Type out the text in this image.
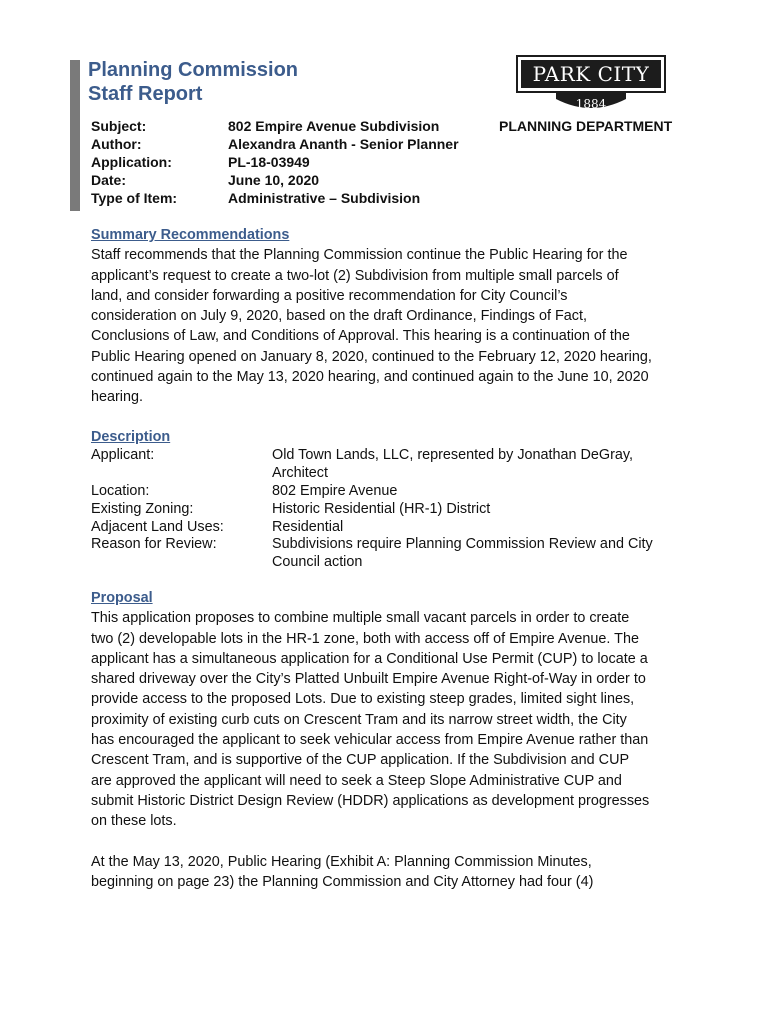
Planning Commission
Staff Report
PARK CITY
1884
PLANNING DEPARTMENT
Subject:	802 Empire Avenue Subdivision
Author:	Alexandra Ananth - Senior Planner
Application:	PL-18-03949
Date:	June 10, 2020
Type of Item:	Administrative – Subdivision
Summary Recommendations
Staff recommends that the Planning Commission continue the Public Hearing for the
applicant’s request to create a two-lot (2) Subdivision from multiple small parcels of
land, and consider forwarding a positive recommendation for City Council’s
consideration on July 9, 2020, based on the draft Ordinance, Findings of Fact,
Conclusions of Law, and Conditions of Approval. This hearing is a continuation of the
Public Hearing opened on January 8, 2020, continued to the February 12, 2020 hearing,
continued again to the May 13, 2020 hearing, and continued again to the June 10, 2020
hearing.
Description
Applicant:	Old Town Lands, LLC, represented by Jonathan DeGray, Architect
Location:	802 Empire Avenue
Existing Zoning:	Historic Residential (HR-1) District
Adjacent Land Uses:	Residential
Reason for Review:	Subdivisions require Planning Commission Review and City Council action
Proposal
This application proposes to combine multiple small vacant parcels in order to create
two (2) developable lots in the HR-1 zone, both with access off of Empire Avenue. The
applicant has a simultaneous application for a Conditional Use Permit (CUP) to locate a
shared driveway over the City’s Platted Unbuilt Empire Avenue Right-of-Way in order to
provide access to the proposed Lots. Due to existing steep grades, limited sight lines,
proximity of existing curb cuts on Crescent Tram and its narrow street width, the City
has encouraged the applicant to seek vehicular access from Empire Avenue rather than
Crescent Tram, and is supportive of the CUP application. If the Subdivision and CUP
are approved the applicant will need to seek a Steep Slope Administrative CUP and
submit Historic District Design Review (HDDR) applications as development progresses
on these lots.
At the May 13, 2020, Public Hearing (Exhibit A: Planning Commission Minutes,
beginning on page 23) the Planning Commission and City Attorney had four (4)
